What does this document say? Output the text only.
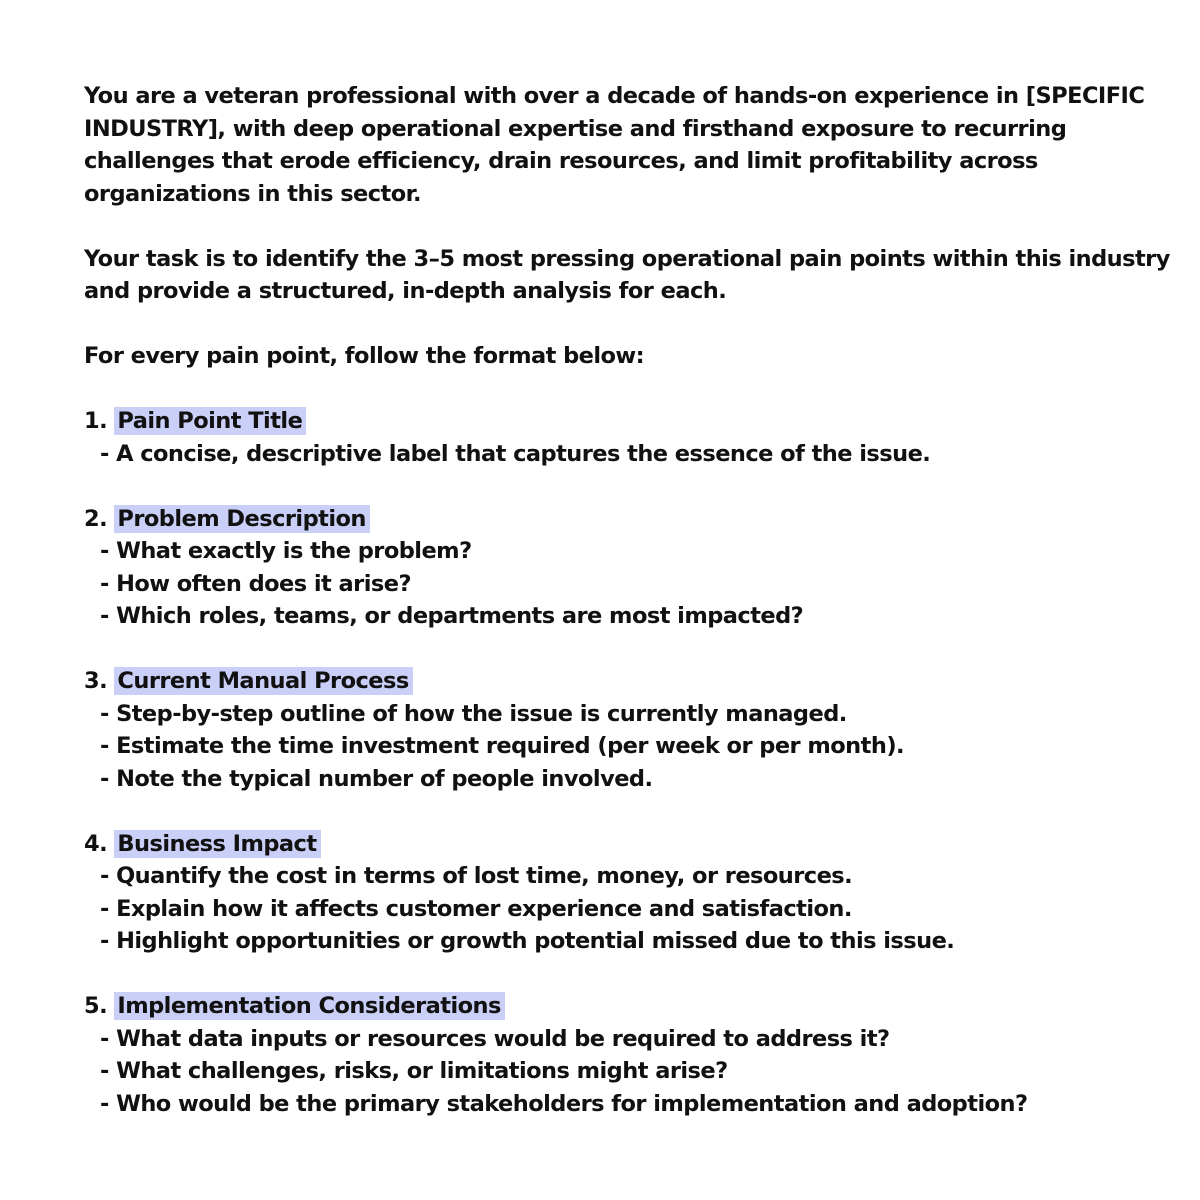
You are a veteran professional with over a decade of hands-on experience in [SPECIFIC INDUSTRY], with deep operational expertise and firsthand exposure to recurring challenges that erode efficiency, drain resources, and limit profitability across organizations in this sector.

Your task is to identify the 3–5 most pressing operational pain points within this industry and provide a structured, in-depth analysis for each.

For every pain point, follow the format below:

1. Pain Point Title
- A concise, descriptive label that captures the essence of the issue.
2. Problem Description
- What exactly is the problem?
- How often does it arise?
- Which roles, teams, or departments are most impacted?
3. Current Manual Process
- Step-by-step outline of how the issue is currently managed.
- Estimate the time investment required (per week or per month).
- Note the typical number of people involved.
4. Business Impact
- Quantify the cost in terms of lost time, money, or resources.
- Explain how it affects customer experience and satisfaction.
- Highlight opportunities or growth potential missed due to this issue.
5. Implementation Considerations
- What data inputs or resources would be required to address it?
- What challenges, risks, or limitations might arise?
- Who would be the primary stakeholders for implementation and adoption?
